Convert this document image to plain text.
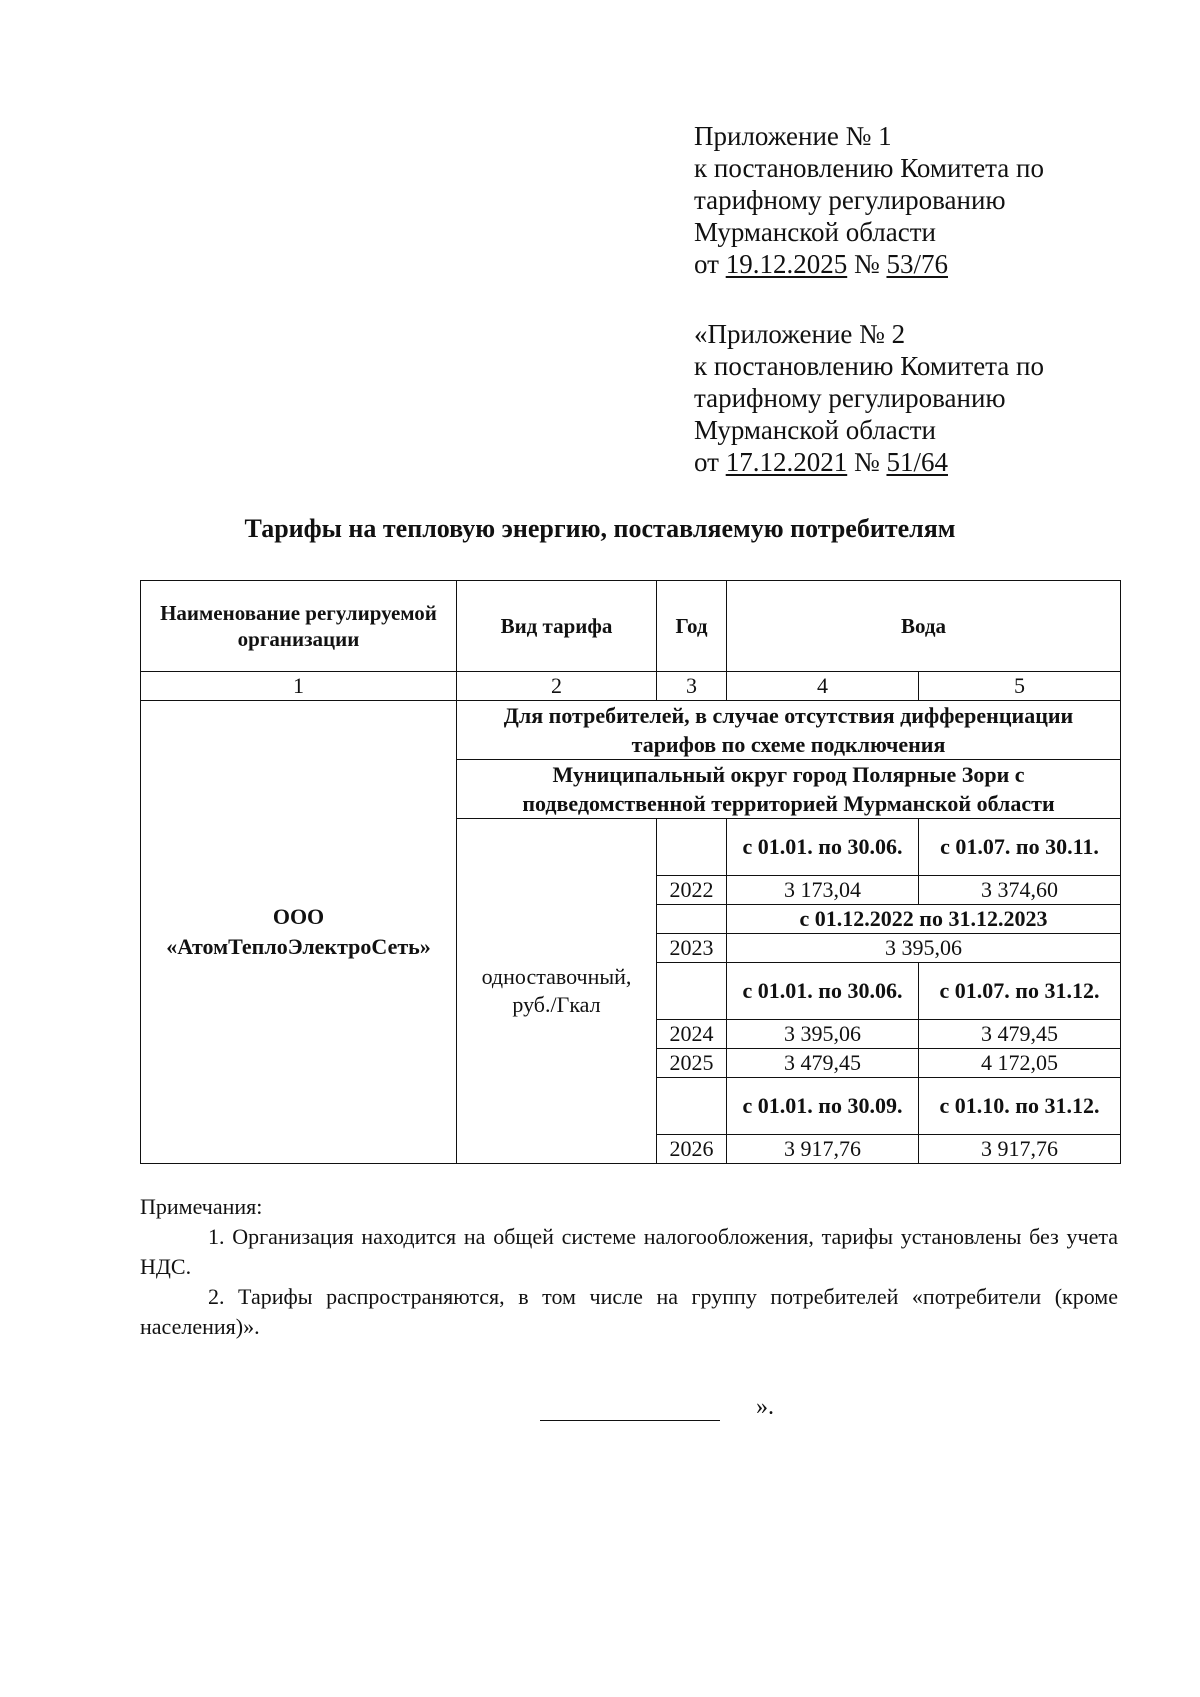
Приложение № 1
к постановлению Комитета по
тарифному регулированию
Мурманской области
от 19.12.2025 № 53/76
«Приложение № 2
к постановлению Комитета по
тарифному регулированию
Мурманской области
от 17.12.2021 № 51/64
Тарифы на тепловую энергию, поставляемую потребителям
Наименование регулируемой организации	Вид тарифа	Год	Вода	
1	2	3	4	5
ООО «АтомТеплоЭлектроСеть»	Для потребителей, в случае отсутствия дифференциации тарифов по схеме подключения			
	Муниципальный округ город Полярные Зори с подведомственной территорией Мурманской области			
	одноставочный, руб./Гкал		с 01.01. по 30.06.	с 01.07. по 30.11.
		2022	3 173,04	3 374,60
			с 01.12.2022 по 31.12.2023	
		2023	3 395,06	
			с 01.01. по 30.06.	с 01.07. по 31.12.
		2024	3 395,06	3 479,45
		2025	3 479,45	4 172,05
			с 01.01. по 30.09.	с 01.10. по 31.12.
		2026	3 917,76	3 917,76

Примечания:

1. Организация находится на общей системе налогообложения, тарифы установлены без учета НДС.

2. Тарифы распространяются, в том числе на группу потребителей «потребители (кроме населения)».

».
